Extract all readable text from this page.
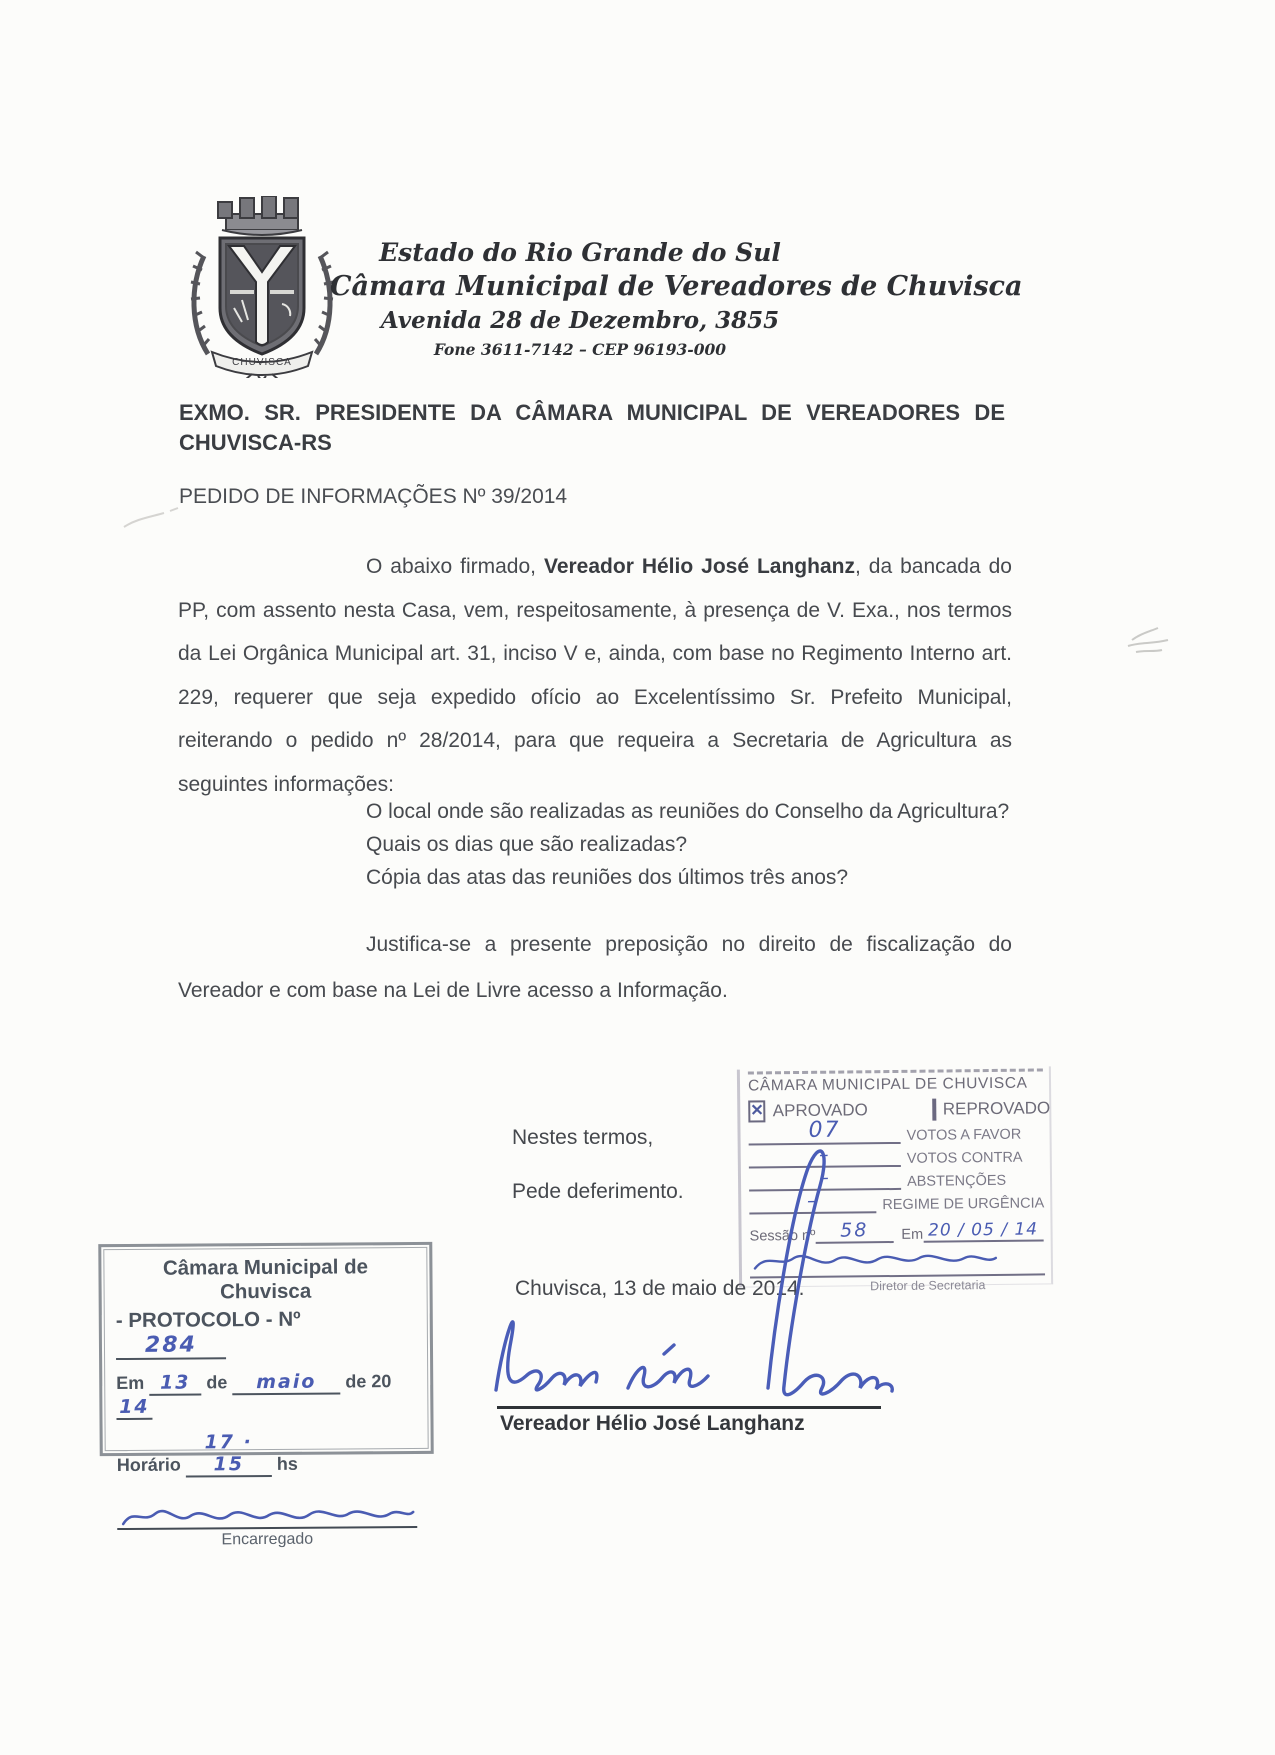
CHUVISCA
Estado do Rio Grande do Sul
Câmara Municipal de Vereadores de Chuvisca
Avenida 28 de Dezembro, 3855
Fone 3611-7142 – CEP 96193-000
EXMO. SR. PRESIDENTE DA CÂMARA MUNICIPAL DE VEREADORES DE CHUVISCA-RS
PEDIDO DE INFORMAÇÕES Nº 39/2014
O abaixo firmado, Vereador Hélio José Langhanz, da bancada do PP, com assento nesta Casa, vem, respeitosamente, à presença de V. Exa., nos termos da Lei Orgânica Municipal art. 31, inciso V e, ainda, com base no Regimento Interno art. 229, requerer que seja expedido ofício ao Excelentíssimo Sr. Prefeito Municipal, reiterando o pedido nº 28/2014, para que requeira a Secretaria de Agricultura as seguintes informações:
O local onde são realizadas as reuniões do Conselho da Agricultura?
Quais os dias que são realizadas?
Cópia das atas das reuniões dos últimos três anos?
Justifica-se a presente preposição no direito de fiscalização do Vereador e com base na Lei de Livre acesso a Informação.
Nestes termos,
Pede deferimento.
CÂMARA MUNICIPAL DE CHUVISCA
✕ APROVADO	REPROVADO
07	VOTOS A FAVOR
–	VOTOS CONTRA
–	ABSTENÇÕES
–	REGIME DE URGÊNCIA
Sessão nº	58	Em 20 / 05 / 14
Diretor de Secretaria
Chuvisca, 13 de maio de 2014.
Câmara Municipal de Chuvisca
- PROTOCOLO - Nº 284
Em 13 de maio de 20 14
Horário 17 · 15 hs
Encarregado
Vereador Hélio José Langhanz
